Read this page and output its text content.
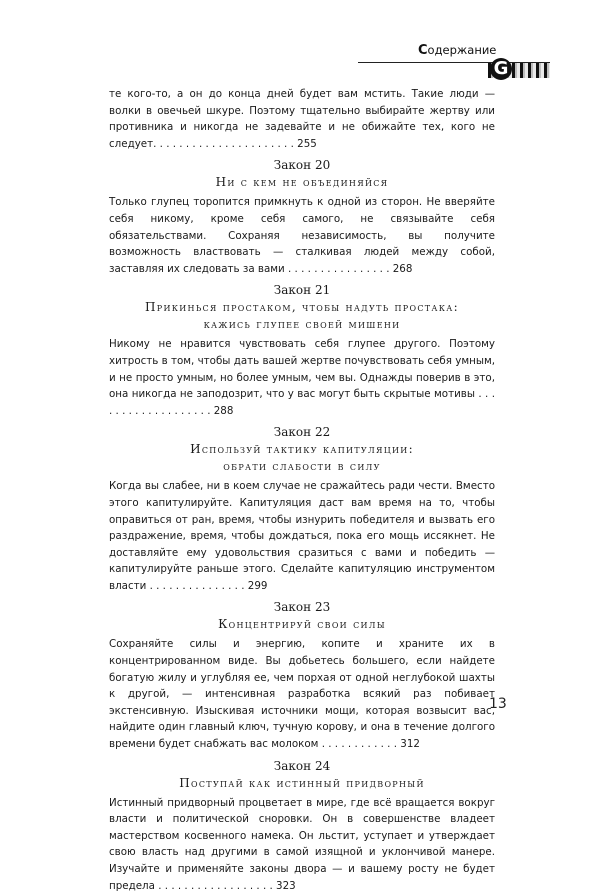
Содержание
G

те кого-то, а он до конца дней будет вам мстить. Такие люди — волки в овечьей шкуре. Поэтому тщательно выбирайте жертву или противника и никогда не задевайте и не обижайте тех, кого не следует. . . . . . . . . . . . . . . . . . . . . . 255

Закон 20
Ни с кем не объединяйся

Только глупец торопится примкнуть к одной из сторон. Не вверяйте себя никому, кроме себя самого, не связывайте себя обязательствами. Сохраняя независимость, вы получите возможность властвовать — сталкивая людей между собой, заставляя их следовать за вами . . . . . . . . . . . . . . . . 268

Закон 21
Прикинься простаком, чтобы надуть простака:
кажись глупее своей мишени

Никому не нравится чувствовать себя глупее другого. Поэтому хитрость в том, чтобы дать вашей жертве почувствовать себя умным, и не просто умным, но более умным, чем вы. Однажды поверив в это, она никогда не заподозрит, что у вас могут быть скрытые мотивы . . . . . . . . . . . . . . . . . . . 288

Закон 22
Используй тактику капитуляции:
обрати слабости в силу

Когда вы слабее, ни в коем случае не сражайтесь ради чести. Вместо этого капитулируйте. Капитуляция даст вам время на то, чтобы оправиться от ран, время, чтобы изнурить победителя и вызвать его раздражение, время, чтобы дождаться, пока его мощь иссякнет. Не доставляйте ему удовольствия сразиться с вами и победить — капитулируйте раньше этого. Сделайте капитуляцию инструментом власти . . . . . . . . . . . . . . . 299

Закон 23
Концентрируй свои силы

Сохраняйте силы и энергию, копите и храните их в концентрированном виде. Вы добьетесь большего, если найдете богатую жилу и углубляя ее, чем порхая от одной неглубокой шахты к другой, — интенсивная разработка всякий раз побивает экстенсивную. Изыскивая источники мощи, которая возвысит вас, найдите один главный ключ, тучную корову, и она в течение долгого времени будет снабжать вас молоком . . . . . . . . . . . . 312

Закон 24
Поступай как истинный придворный

Истинный придворный процветает в мире, где всё вращается вокруг власти и политической сноровки. Он в совершенстве владеет мастерством косвенного намека. Он льстит, уступает и утверждает свою власть над другими в самой изящной и уклончивой манере. Изучайте и применяйте законы двора — и вашему росту не будет предела . . . . . . . . . . . . . . . . . . 323

13
